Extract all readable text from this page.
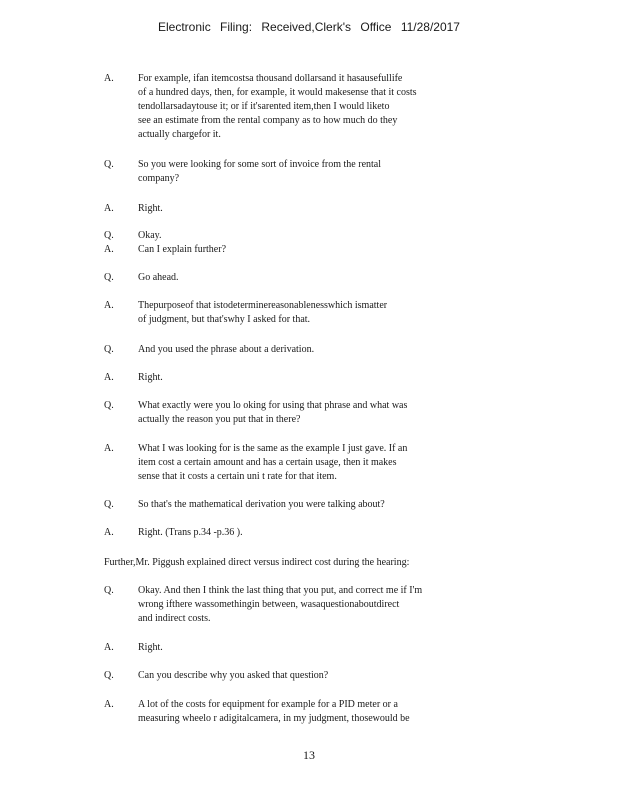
Electronic Filing: Received,Clerk's Office 11/28/2017
A.	For example, ifan itemcostsa thousand dollarsand it hasausefullife
of a hundred days, then, for example, it would makesense that it costs
tendollarsadaytouse it; or if it'sarented item,then I would liketo
see an estimate from the rental company as to how much do they
actually chargefor it.
Q.	So you were looking for some sort of invoice from the rental
company?
A.	Right.
Q.	Okay.
A.	Can I explain further?
Q.	Go ahead.
A.	Thepurposeof that istodeterminereasonablenesswhich ismatter
of judgment, but that'swhy I asked for that.
Q.	And you used the phrase about a derivation.
A.	Right.
Q.	What exactly were you lo oking for using that phrase and what was
actually the reason you put that in there?
A.	What I was looking for is the same as the example I just gave. If an
item cost a certain amount and has a certain usage, then it makes
sense that it costs a certain uni t rate for that item.
Q.	So that's the mathematical derivation you were talking about?
A.	Right. (Trans p.34 -p.36 ).
Q.	Okay. And then I think the last thing that you put, and correct me if I'm
wrong ifthere wassomethingin between, wasaquestionaboutdirect
and indirect costs.
A.	Right.
Q.	Can you describe why you asked that question?
A.	A lot of the costs for equipment for example for a PID meter or a
measuring wheelo r adigitalcamera, in my judgment, thosewould be
Further,Mr. Piggush explained direct versus indirect cost during the hearing:
13
